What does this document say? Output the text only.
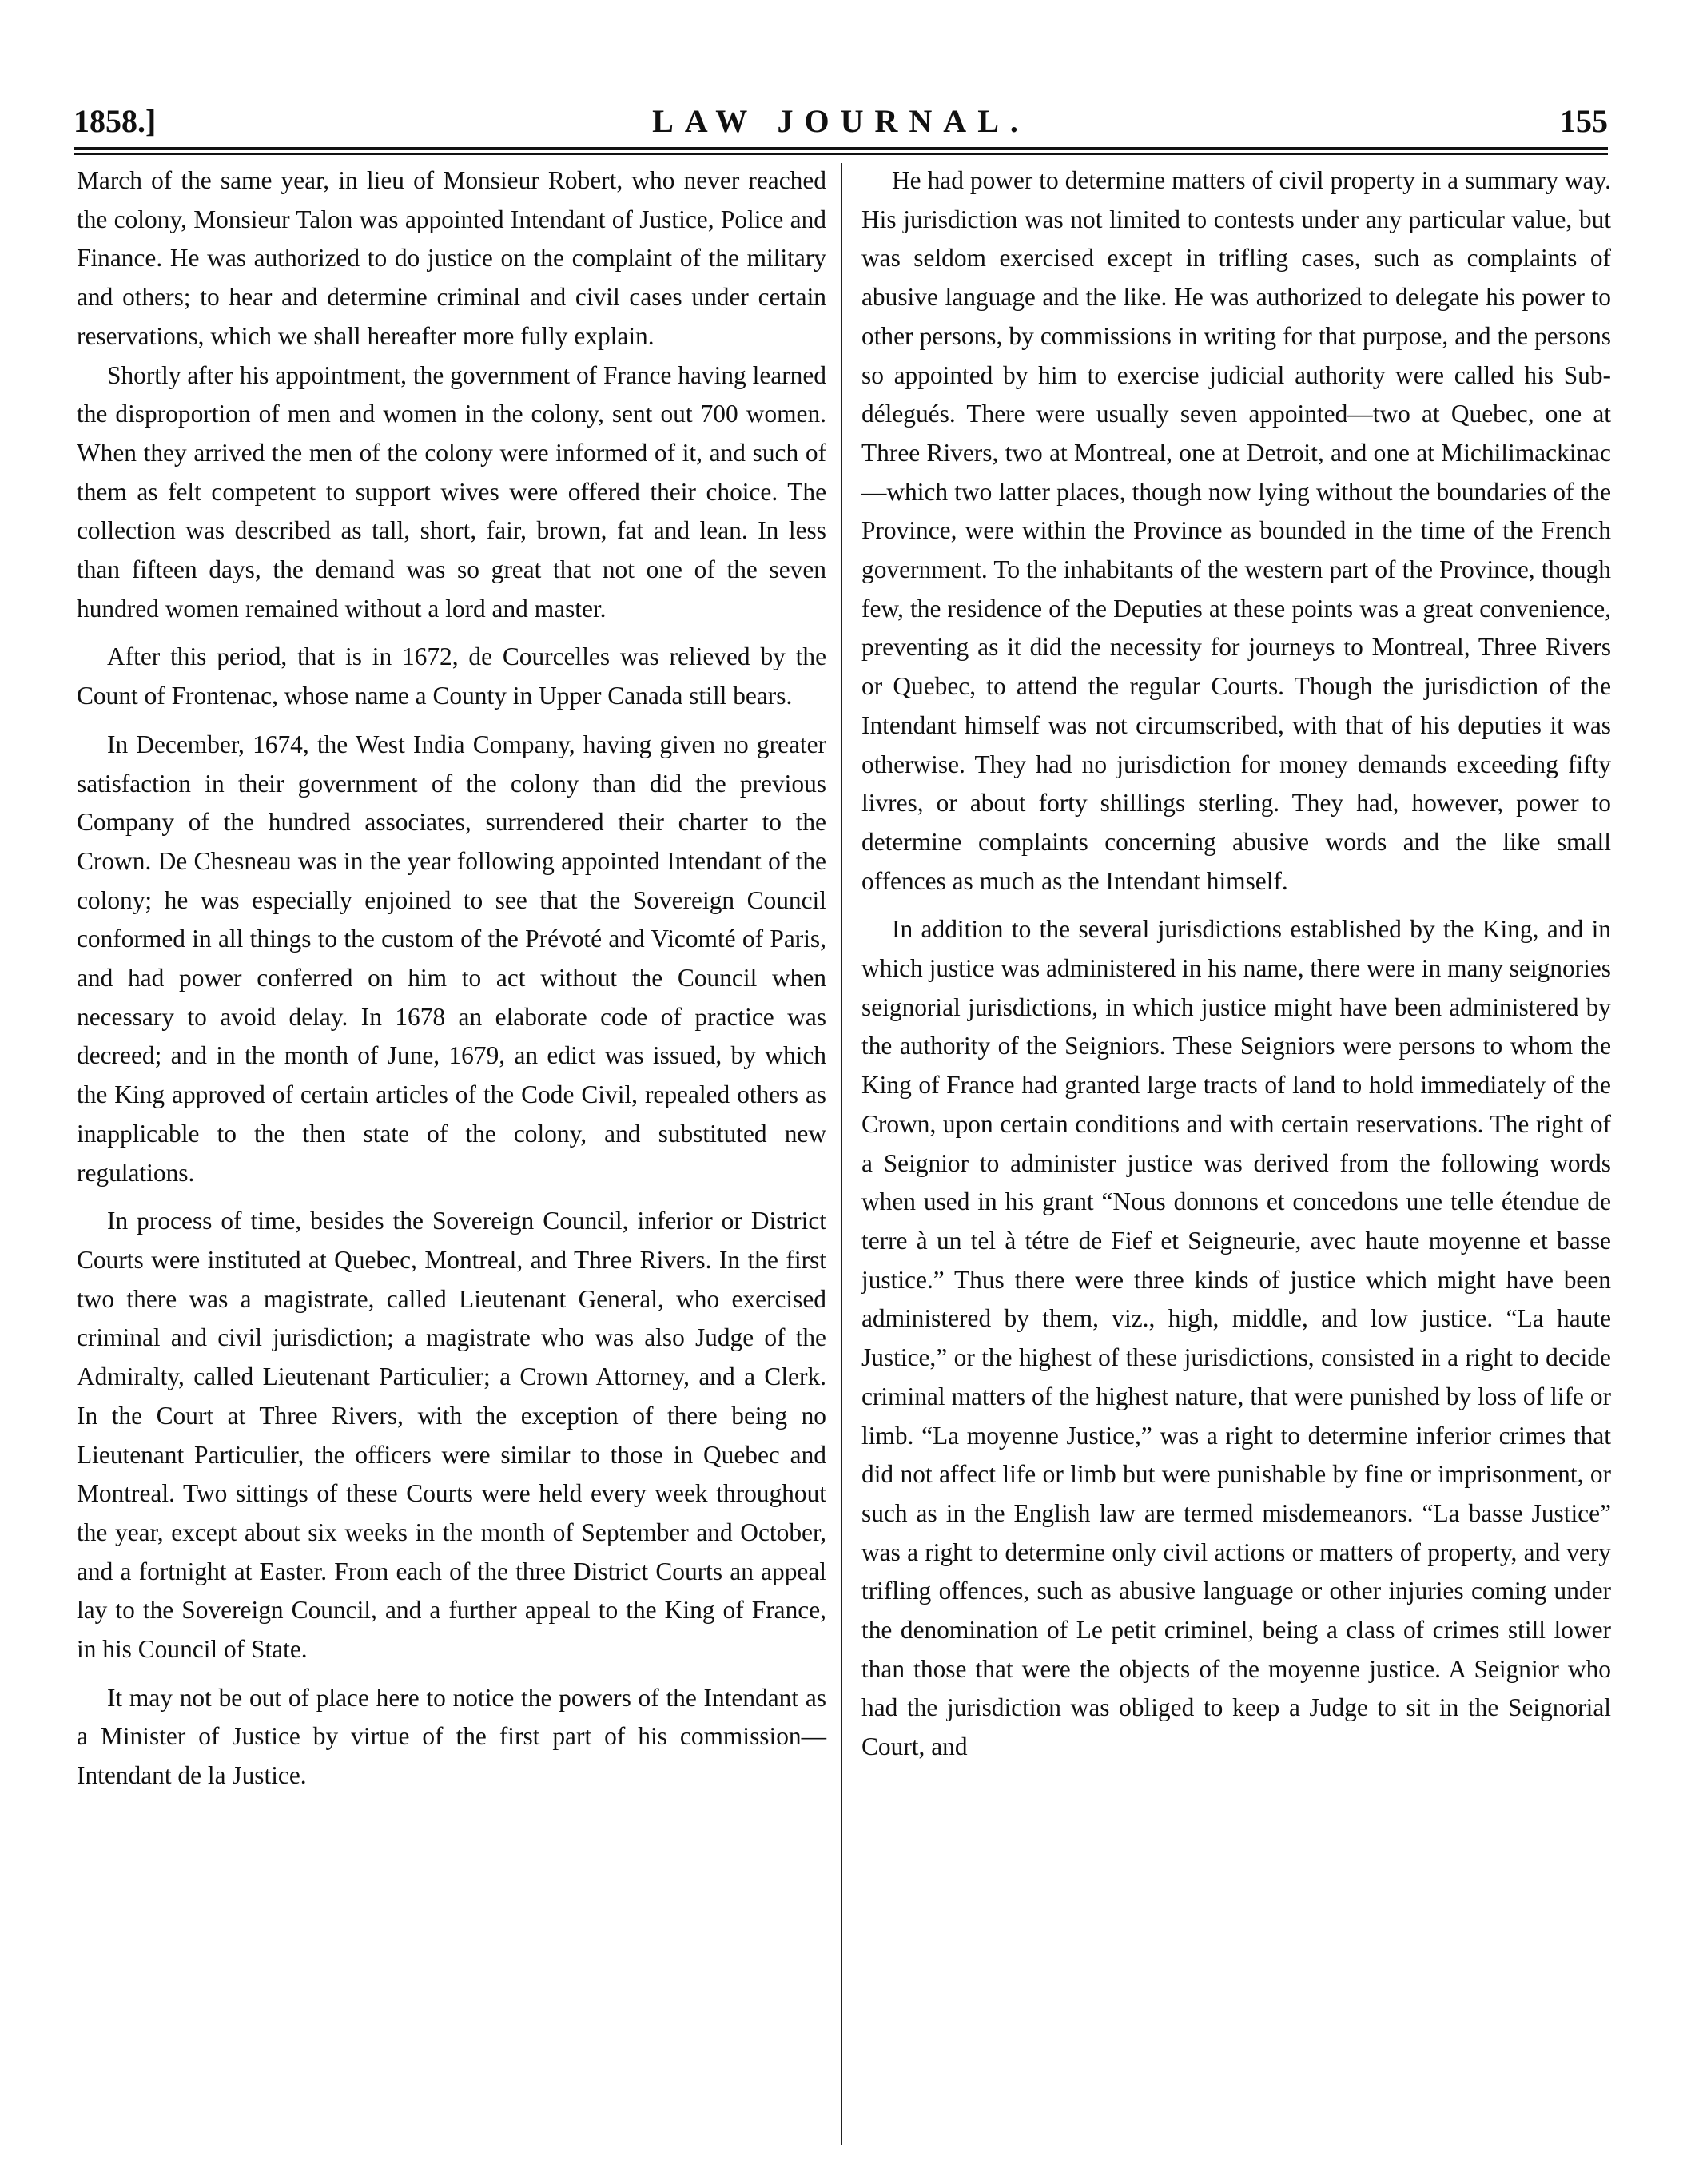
1858.]	LAW JOURNAL.	155

March of the same year, in lieu of Monsieur Robert, who never reached the colony, Monsieur Talon was appointed Intendant of Justice, Police and Finance. He was authorized to do justice on the complaint of the military and others; to hear and determine criminal and civil cases under certain reservations, which we shall hereafter more fully explain.

Shortly after his appointment, the government of France having learned the disproportion of men and women in the colony, sent out 700 women. When they arrived the men of the colony were informed of it, and such of them as felt competent to support wives were offered their choice. The collection was described as tall, short, fair, brown, fat and lean. In less than fifteen days, the demand was so great that not one of the seven hundred women remained without a lord and master.

After this period, that is in 1672, de Courcelles was relieved by the Count of Frontenac, whose name a County in Upper Canada still bears.

In December, 1674, the West India Company, having given no greater satisfaction in their government of the colony than did the previous Company of the hundred associates, surrendered their charter to the Crown. De Chesneau was in the year following appointed Intendant of the colony; he was especially enjoined to see that the Sovereign Council conformed in all things to the custom of the Prévoté and Vicomté of Paris, and had power conferred on him to act without the Council when necessary to avoid delay. In 1678 an elaborate code of practice was decreed; and in the month of June, 1679, an edict was issued, by which the King approved of certain articles of the Code Civil, repealed others as inapplicable to the then state of the colony, and substituted new regulations.

In process of time, besides the Sovereign Council, inferior or District Courts were instituted at Quebec, Montreal, and Three Rivers. In the first two there was a magistrate, called Lieutenant General, who exercised criminal and civil jurisdiction; a magistrate who was also Judge of the Admiralty, called Lieutenant Particulier; a Crown Attorney, and a Clerk. In the Court at Three Rivers, with the exception of there being no Lieutenant Particulier, the officers were similar to those in Quebec and Montreal. Two sittings of these Courts were held every week throughout the year, except about six weeks in the month of September and October, and a fortnight at Easter. From each of the three District Courts an appeal lay to the Sovereign Council, and a further appeal to the King of France, in his Council of State.

It may not be out of place here to notice the powers of the Intendant as a Minister of Justice by virtue of the first part of his commission—Intendant de la Justice.

He had power to determine matters of civil property in a summary way. His jurisdiction was not limited to contests under any particular value, but was seldom exercised except in trifling cases, such as complaints of abusive language and the like. He was authorized to delegate his power to other persons, by commissions in writing for that purpose, and the persons so appointed by him to exercise judicial authority were called his Sub-délegués. There were usually seven appointed—two at Quebec, one at Three Rivers, two at Montreal, one at Detroit, and one at Michilimackinac—which two latter places, though now lying without the boundaries of the Province, were within the Province as bounded in the time of the French government. To the inhabitants of the western part of the Province, though few, the residence of the Deputies at these points was a great convenience, preventing as it did the necessity for journeys to Montreal, Three Rivers or Quebec, to attend the regular Courts. Though the jurisdiction of the Intendant himself was not circumscribed, with that of his deputies it was otherwise. They had no jurisdiction for money demands exceeding fifty livres, or about forty shillings sterling. They had, however, power to determine complaints concerning abusive words and the like small offences as much as the Intendant himself.

In addition to the several jurisdictions established by the King, and in which justice was administered in his name, there were in many seignories seignorial jurisdictions, in which justice might have been administered by the authority of the Seigniors. These Seigniors were persons to whom the King of France had granted large tracts of land to hold immediately of the Crown, upon certain conditions and with certain reservations. The right of a Seignior to administer justice was derived from the following words when used in his grant “Nous donnons et concedons une telle étendue de terre à un tel à tétre de Fief et Seigneurie, avec haute moyenne et basse justice.” Thus there were three kinds of justice which might have been administered by them, viz., high, middle, and low justice. “La haute Justice,” or the highest of these jurisdictions, consisted in a right to decide criminal matters of the highest nature, that were punished by loss of life or limb. “La moyenne Justice,” was a right to determine inferior crimes that did not affect life or limb but were punishable by fine or imprisonment, or such as in the English law are termed misdemeanors. “La basse Justice” was a right to determine only civil actions or matters of property, and very trifling offences, such as abusive language or other injuries coming under the denomination of Le petit criminel, being a class of crimes still lower than those that were the objects of the moyenne justice. A Seignior who had the jurisdiction was obliged to keep a Judge to sit in the Seignorial Court, and
